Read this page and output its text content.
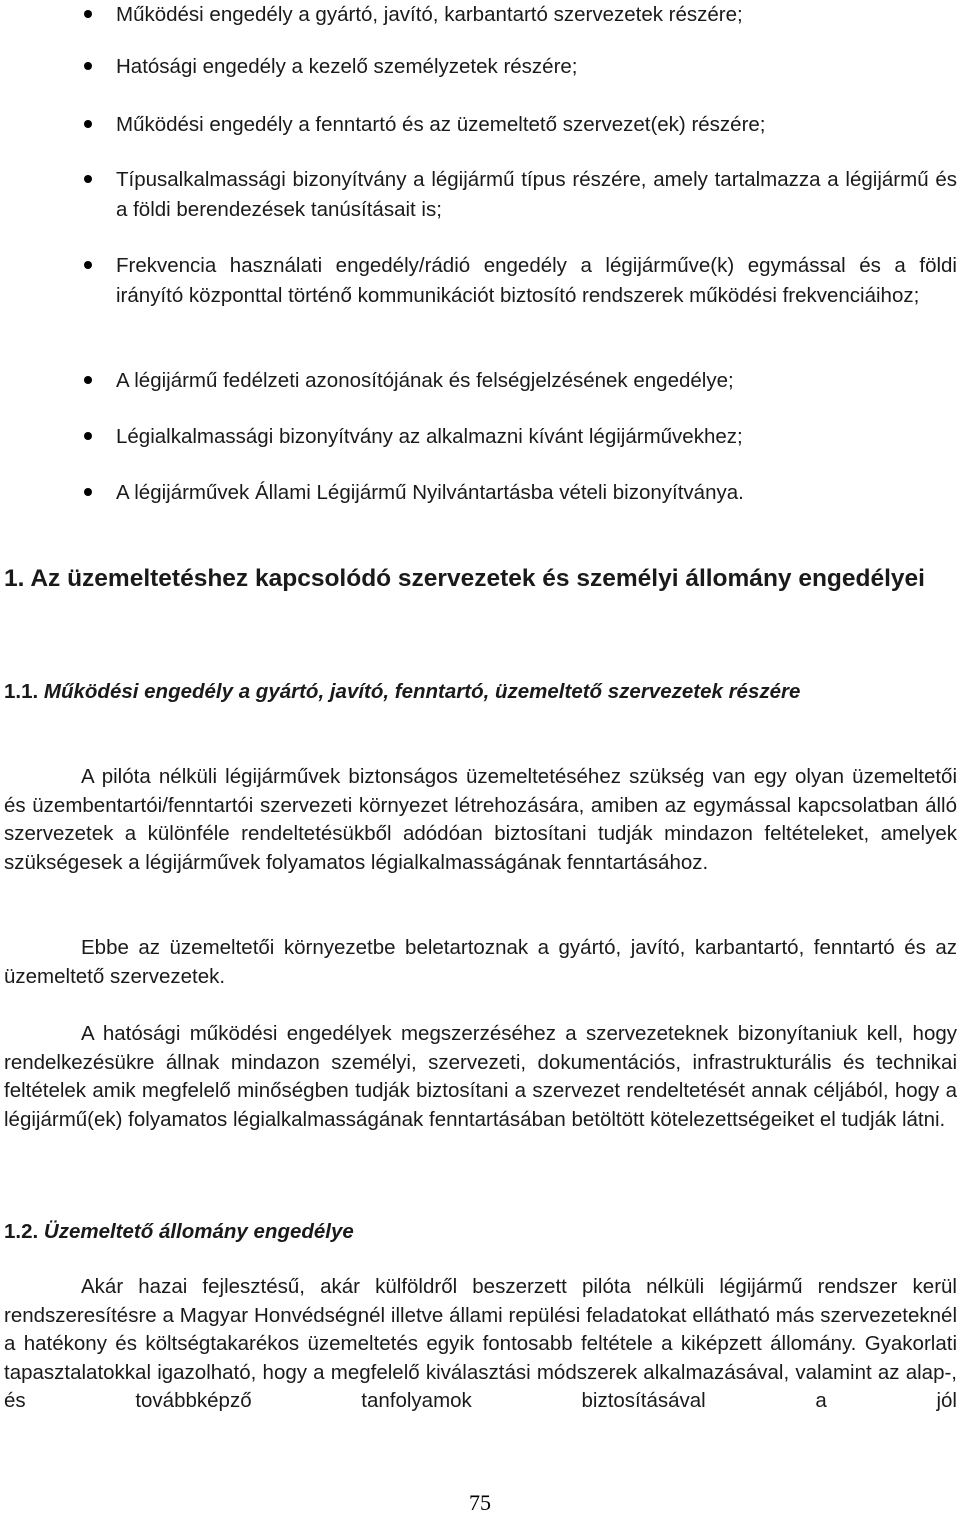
Működési engedély a gyártó, javító, karbantartó szervezetek részére;
Hatósági engedély a kezelő személyzetek részére;
Működési engedély a fenntartó és az üzemeltető szervezet(ek) részére;
Típusalkalmassági bizonyítvány a légijármű típus részére, amely tartalmazza a légijármű és a földi berendezések tanúsításait is;
Frekvencia használati engedély/rádió engedély a légijárműve(k) egymással és a földi irányító központtal történő kommunikációt biztosító rendszerek működési frekvenciáihoz;
A légijármű fedélzeti azonosítójának és felségjelzésének engedélye;
Légialkalmassági bizonyítvány az alkalmazni kívánt légijárművekhez;
A légijárművek Állami Légijármű Nyilvántartásba vételi bizonyítványa.
1. Az üzemeltetéshez kapcsolódó szervezetek és személyi állomány engedélyei
1.1. Működési engedély a gyártó, javító, fenntartó, üzemeltető szervezetek részére

A pilóta nélküli légijárművek biztonságos üzemeltetéséhez szükség van egy olyan üzemeltetői és üzembentartói/fenntartói szervezeti környezet létrehozására, amiben az egymással kapcsolatban álló szervezetek a különféle rendeltetésükből adódóan biztosítani tudják mindazon feltételeket, amelyek szükségesek a légijárművek folyamatos légialkalmasságának fenntartásához.

Ebbe az üzemeltetői környezetbe beletartoznak a gyártó, javító, karbantartó, fenntartó és az üzemeltető szervezetek.

A hatósági működési engedélyek megszerzéséhez a szervezeteknek bizonyítaniuk kell, hogy rendelkezésükre állnak mindazon személyi, szervezeti, dokumentációs, infrastrukturális és technikai feltételek amik megfelelő minőségben tudják biztosítani a szervezet rendeltetését annak céljából, hogy a légijármű(ek) folyamatos légialkalmasságának fenntartásában betöltött kötelezettségeiket el tudják látni.

1.2. Üzemeltető állomány engedélye

Akár hazai fejlesztésű, akár külföldről beszerzett pilóta nélküli légijármű rendszer kerül rendszeresítésre a Magyar Honvédségnél illetve állami repülési feladatokat ellátható más szervezeteknél a hatékony és költségtakarékos üzemeltetés egyik fontosabb feltétele a kiképzett állomány. Gyakorlati tapasztalatokkal igazolható, hogy a megfelelő kiválasztási módszerek alkalmazásával, valamint az alap-, és továbbképző tanfolyamok biztosításával a jól

75
